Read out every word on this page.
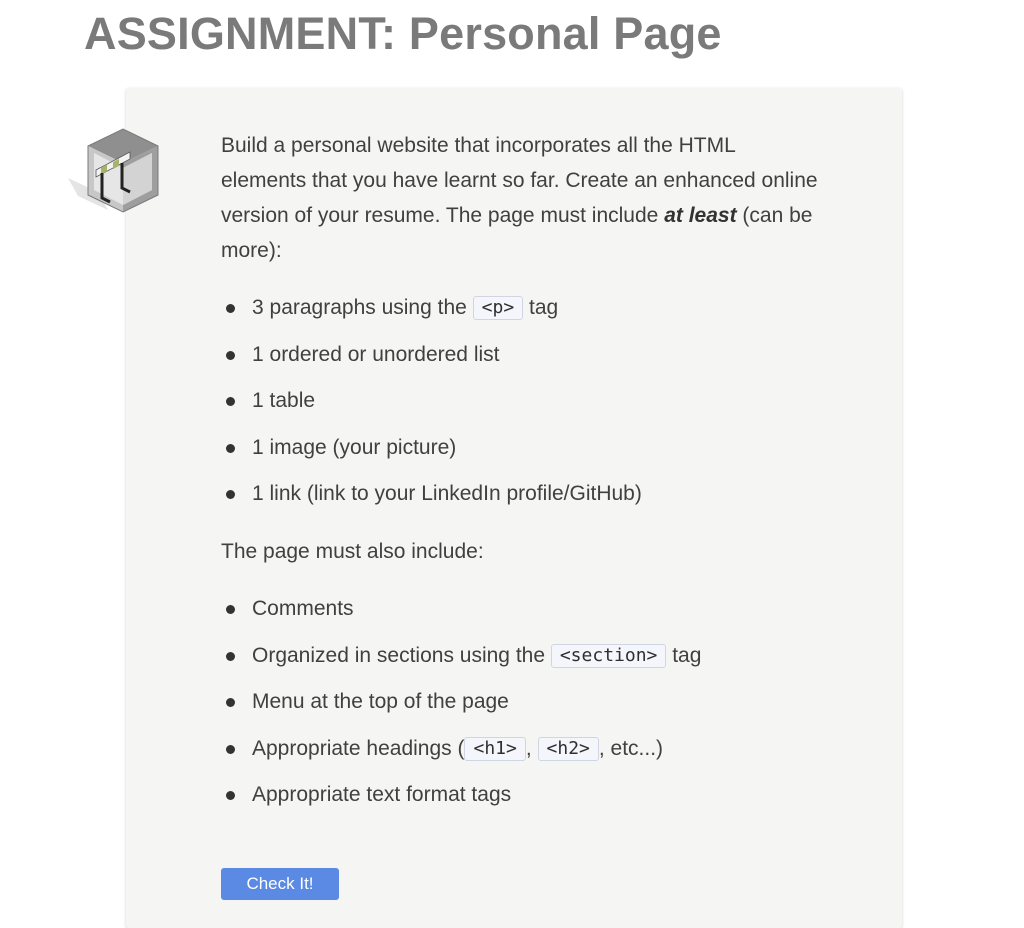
ASSIGNMENT: Personal Page

Build a personal website that incorporates all the HTML elements that you have learnt so far. Create an enhanced online version of your resume. The page must include at least (can be more):

3 paragraphs using the <p> tag
1 ordered or unordered list
1 table
1 image (your picture)
1 link (link to your LinkedIn profile/GitHub)

The page must also include:

Comments
Organized in sections using the <section> tag
Menu at the top of the page
Appropriate headings ( <h1> , <h2> , etc...)
Appropriate text format tags
Check It!
